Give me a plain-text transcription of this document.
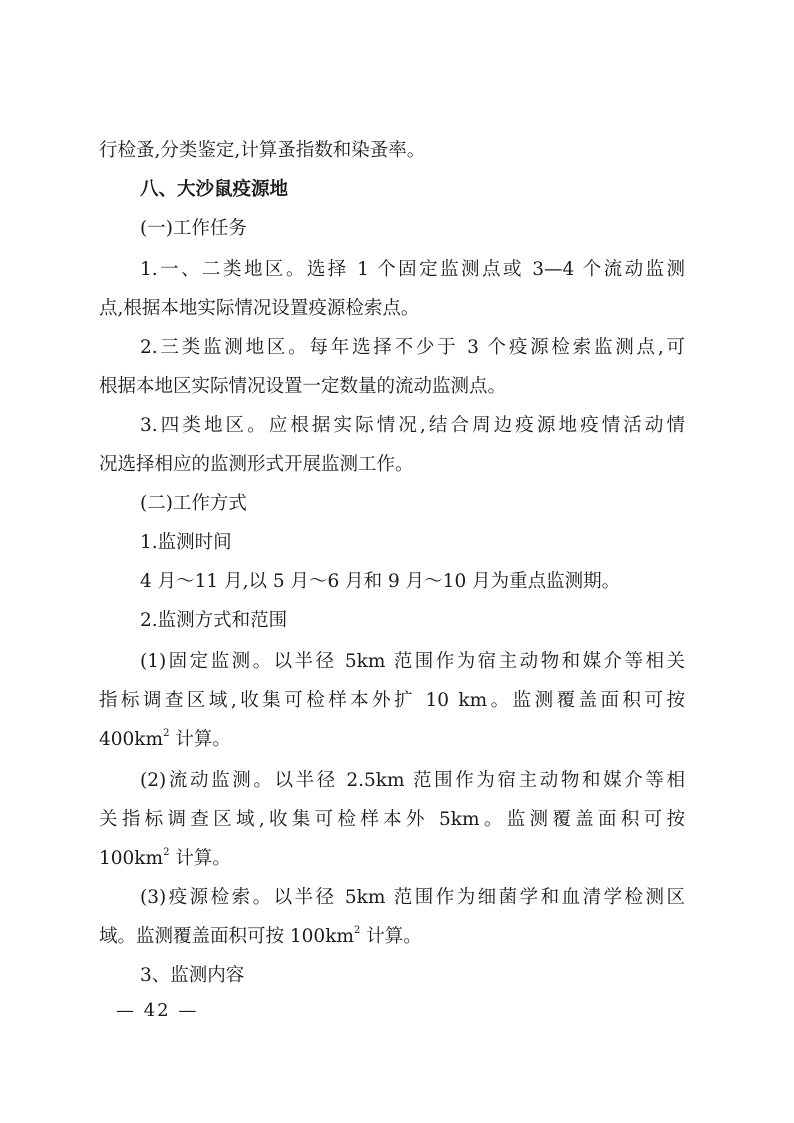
行检蚤,分类鉴定,计算蚤指数和染蚤率。
八、大沙鼠疫源地
(一)工作任务
1.一、二类地区。选择 1 个固定监测点或 3—4 个流动监测
点,根据本地实际情况设置疫源检索点。
2.三类监测地区。每年选择不少于 3 个疫源检索监测点,可
根据本地区实际情况设置一定数量的流动监测点。
3.四类地区。应根据实际情况,结合周边疫源地疫情活动情
况选择相应的监测形式开展监测工作。
(二)工作方式
1.监测时间
4 月～11 月,以 5 月～6 月和 9 月～10 月为重点监测期。
2.监测方式和范围
(1)固定监测。以半径 5km 范围作为宿主动物和媒介等相关
指标调查区域,收集可检样本外扩 10 km。监测覆盖面积可按
$400km^2$ 计算。
(2)流动监测。以半径 2.5km 范围作为宿主动物和媒介等相
关指标调查区域,收集可检样本外 5km。监测覆盖面积可按
$100km^2$ 计算。
(3)疫源检索。以半径 5km 范围作为细菌学和血清学检测区
域。监测覆盖面积可按 $100km^2$ 计算。
3、监测内容
— 42 —
